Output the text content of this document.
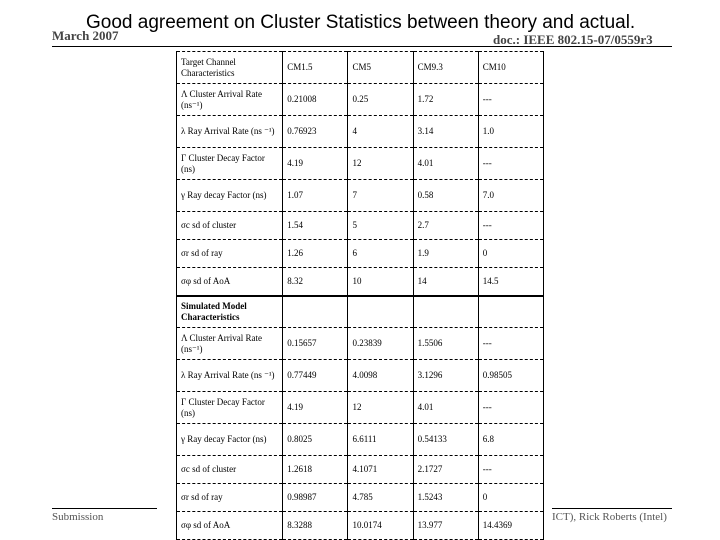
March 2007	doc.: IEEE 802.15-07/0559r3
Good agreement on Cluster Statistics between theory and actual.
Target Channel Characteristics	CM1.5	CM5	CM9.3	CM10
Λ Cluster Arrival Rate (ns⁻¹)	0.21008	0.25	1.72	---
λ Ray Arrival Rate (ns ⁻¹)	0.76923	4	3.14	1.0
Γ Cluster Decay Factor (ns)	4.19	12	4.01	---
γ Ray decay Factor (ns)	1.07	7	0.58	7.0
σc sd of cluster	1.54	5	2.7	---
σr sd of ray	1.26	6	1.9	0
σφ sd of AoA	8.32	10	14	14.5
Simulated Model Characteristics				
Λ Cluster Arrival Rate (ns⁻¹)	0.15657	0.23839	1.5506	---
λ Ray Arrival Rate (ns ⁻¹)	0.77449	4.0098	3.1296	0.98505
Γ Cluster Decay Factor (ns)	4.19	12	4.01	---
γ Ray decay Factor (ns)	0.8025	6.6111	0.54133	6.8
σc sd of cluster	1.2618	4.1071	2.1727	---
σr sd of ray	0.98987	4.785	1.5243	0
σφ sd of AoA	8.3288	10.0174	13.977	14.4369
Submission	ICT), Rick Roberts (Intel)
